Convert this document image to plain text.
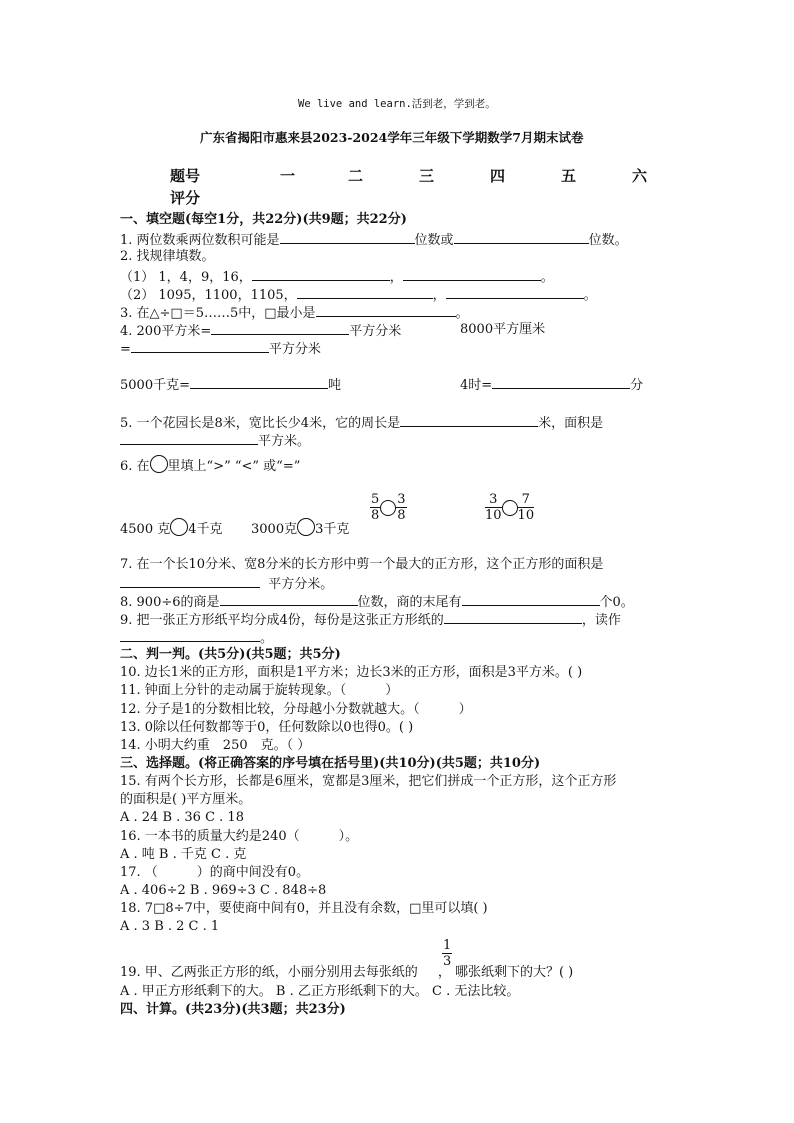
We live and learn.活到老，学到老。
广东省揭阳市惠来县2023-2024学年三年级下学期数学7月期末试卷
题号	一	二	三	四	五	六
评分
一、填空题(每空1分，共22分)(共9题；共22分)
1. 两位数乘两位数积可能是	位数或	位数。
2. 找规律填数。
（1） 1，4，9，16，	，	。
（2） 1095，1100，1105，	，	。
3. 在△÷□＝5……5中，□最小是	。
4. 200平方米=	平方分米	8000平方厘米
=	平方分米
5000千克=	吨	4时=	分
5. 一个花园长是8米，宽比长少4米，它的周长是	米，面积是
平方米。
6. 在 里填上“>” “<” 或“=”
4500 克 4千克 3000克 3千克
$\frac{5}{8} \frac{3}{8}$	$\frac{3}{10} \frac{7}{10}$
7. 在一个长10分米、宽8分米的长方形中剪一个最大的正方形，这个正方形的面积是
平方分米。
8. 900÷6的商是	位数，商的末尾有	个0。
9. 把一张正方形纸平均分成4份，每份是这张正方形纸的	，读作
。
二、判一判。(共5分)(共5题；共5分)
10. 边长1米的正方形，面积是1平方米；边长3米的正方形，面积是3平方米。( )
11. 钟面上分针的走动属于旋转现象。（　　　）
12. 分子是1的分数相比较，分母越小分数就越大。（　　　）
13. 0除以任何数都等于0，任何数除以0也得0。( )
14. 小明大约重　250　克。（ ）
三、选择题。(将正确答案的序号填在括号里)(共10分)(共5题；共10分)
15. 有两个长方形，长都是6厘米，宽都是3厘米，把它们拼成一个正方形，这个正方形
的面积是( )平方厘米。
A . 24 B . 36 C . 18
16. 一本书的质量大约是240（　　　）。
A . 吨 B . 千克 C . 克
17. （　　　）的商中间没有0。
A . 406÷2 B . 969÷3 C . 848÷8
18. 7□8÷7中，要使商中间有0，并且没有余数，□里可以填( )
A . 3 B . 2 C . 1
$\frac{1}{3}$
19. 甲、乙两张正方形的纸，小丽分别用去每张纸的 ， 哪张纸剩下的大？( )
A . 甲正方形纸剩下的大。 B . 乙正方形纸剩下的大。 C . 无法比较。
四、计算。(共23分)(共3题；共23分)
